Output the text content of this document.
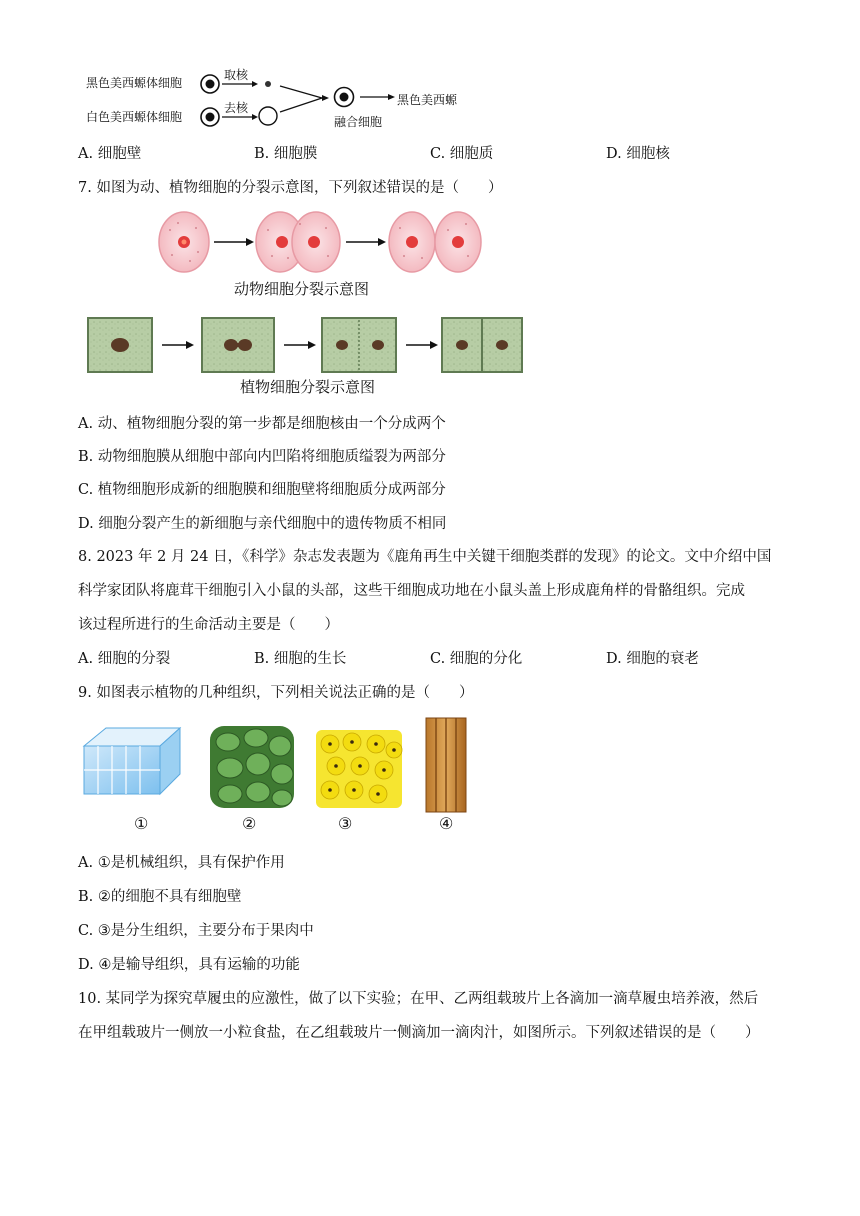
黑色美西螈体细胞
白色美西螈体细胞
取核
去核
融合细胞
黑色美西螈
A. 细胞壁	B. 细胞膜	C. 细胞质	D. 细胞核
7. 如图为动、植物细胞的分裂示意图，下列叙述错误的是（　　）
动物细胞分裂示意图
植物细胞分裂示意图
A. 动、植物细胞分裂的第一步都是细胞核由一个分成两个
B. 动物细胞膜从细胞中部向内凹陷将细胞质缢裂为两部分
C. 植物细胞形成新的细胞膜和细胞壁将细胞质分成两部分
D. 细胞分裂产生的新细胞与亲代细胞中的遗传物质不相同
8. 2023 年 2 月 24 日，《科学》杂志发表题为《鹿角再生中关键干细胞类群的发现》的论文。文中介绍中国
科学家团队将鹿茸干细胞引入小鼠的头部，这些干细胞成功地在小鼠头盖上形成鹿角样的骨骼组织。完成
该过程所进行的生命活动主要是（　　）
A. 细胞的分裂	B. 细胞的生长	C. 细胞的分化	D. 细胞的衰老
9. 如图表示植物的几种组织，下列相关说法正确的是（　　）
①	②	③	④
A. ①是机械组织，具有保护作用
B. ②的细胞不具有细胞壁
C. ③是分生组织，主要分布于果肉中
D. ④是输导组织，具有运输的功能
10. 某同学为探究草履虫的应激性，做了以下实验；在甲、乙两组载玻片上各滴加一滴草履虫培养液，然后
在甲组载玻片一侧放一小粒食盐，在乙组载玻片一侧滴加一滴肉汁，如图所示。下列叙述错误的是（　　）
